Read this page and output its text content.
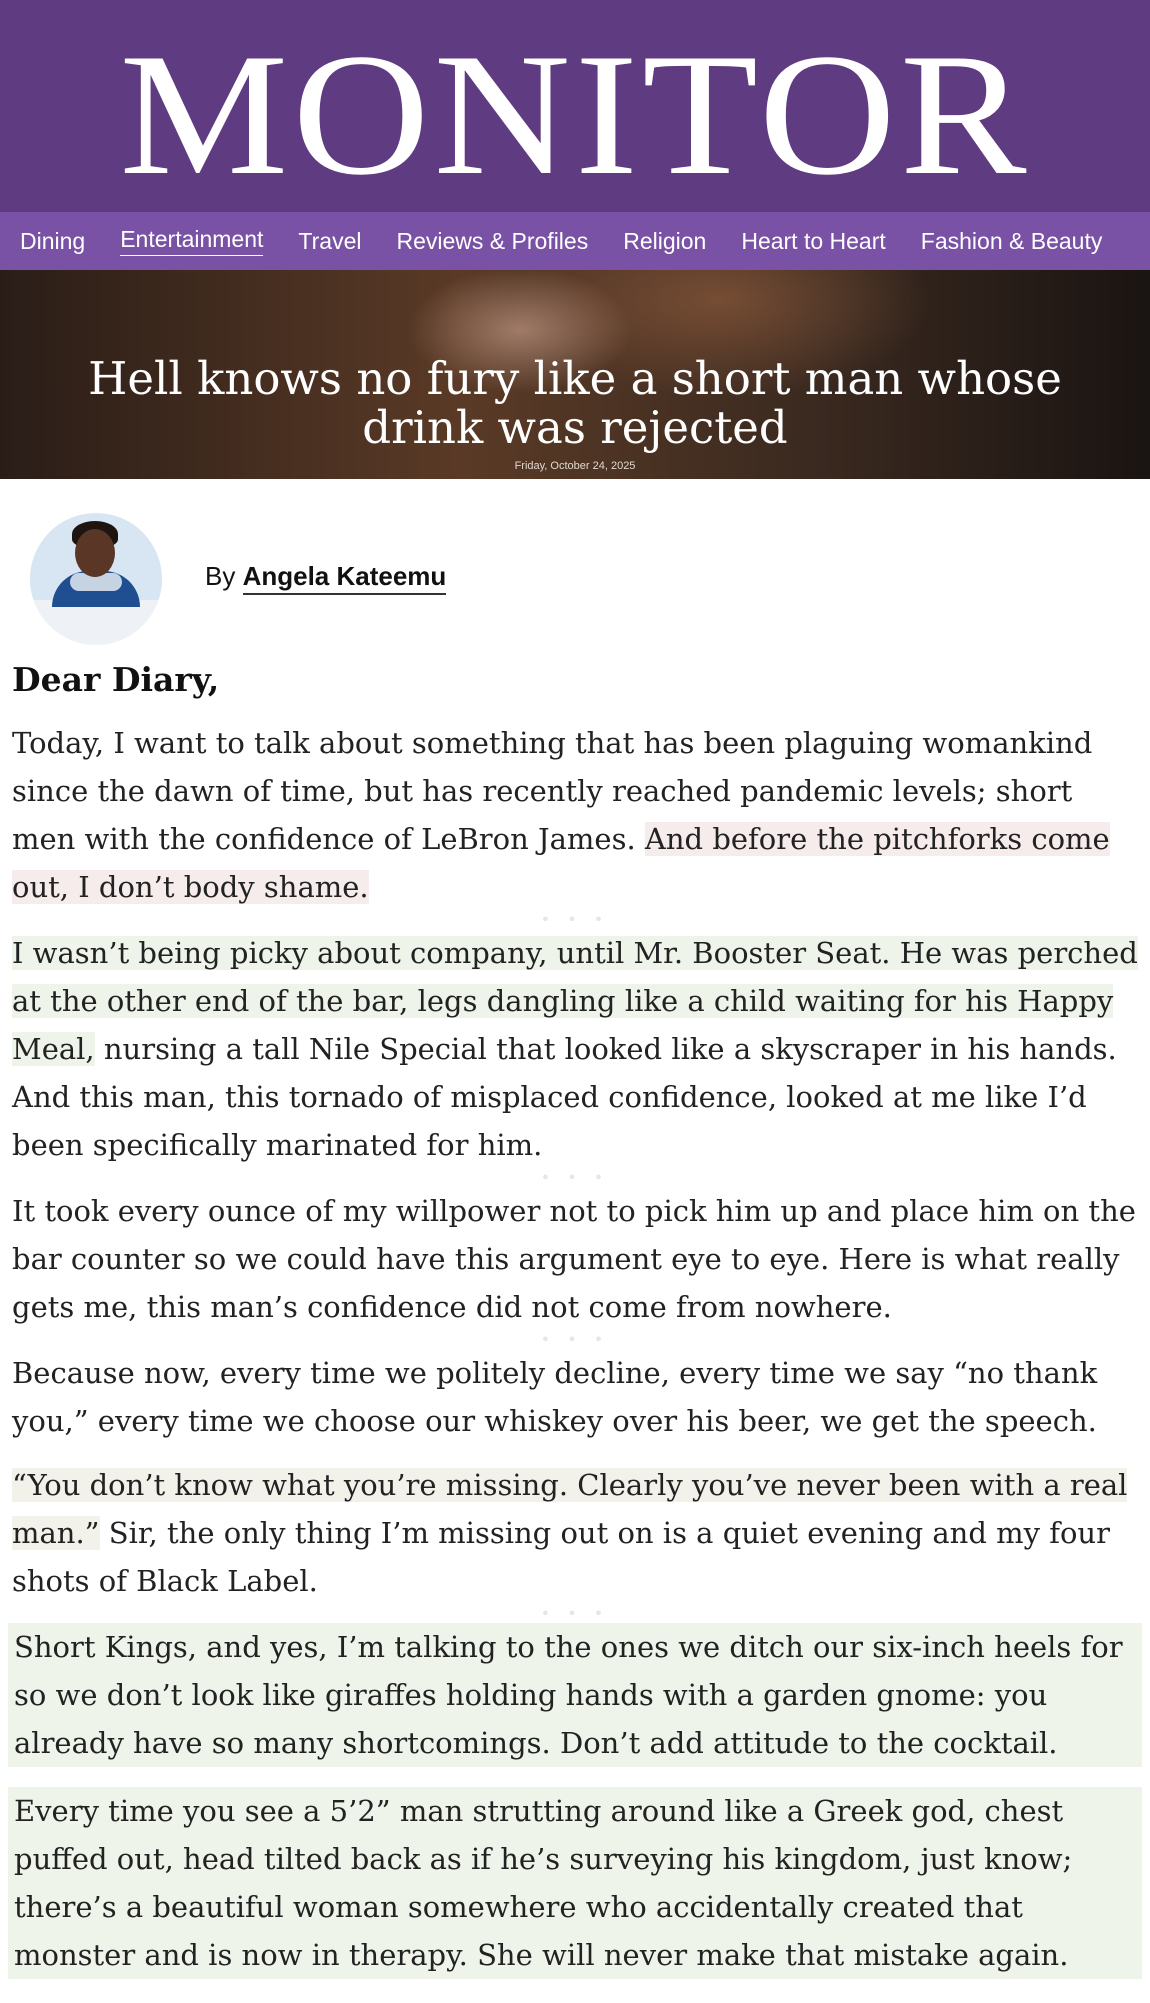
MONITOR
Dining Entertainment Travel Reviews & Profiles Religion Heart to Heart Fashion & Beauty
Hell knows no fury like a short man whose drink was rejected
Friday, October 24, 2025
By Angela Kateemu
Dear Diary,

Today, I want to talk about something that has been plaguing womankind since the dawn of time, but has recently reached pandemic levels; short men with the confidence of LeBron James. And before the pitchforks come out, I don’t body shame.

• • •

I wasn’t being picky about company, until Mr. Booster Seat. He was perched at the other end of the bar, legs dangling like a child waiting for his Happy Meal, nursing a tall Nile Special that looked like a skyscraper in his hands. And this man, this tornado of misplaced confidence, looked at me like I’d been specifically marinated for him.

• • •

It took every ounce of my willpower not to pick him up and place him on the bar counter so we could have this argument eye to eye. Here is what really gets me, this man’s confidence did not come from nowhere.

• • •

Because now, every time we politely decline, every time we say “no thank you,” every time we choose our whiskey over his beer, we get the speech.

“You don’t know what you’re missing. Clearly you’ve never been with a real man.” Sir, the only thing I’m missing out on is a quiet evening and my four shots of Black Label.

• • •

Short Kings, and yes, I’m talking to the ones we ditch our six-inch heels for so we don’t look like giraffes holding hands with a garden gnome: you already have so many shortcomings. Don’t add attitude to the cocktail.

Every time you see a 5’2” man strutting around like a Greek god, chest puffed out, head tilted back as if he’s surveying his kingdom, just know; there’s a beautiful woman somewhere who accidentally created that monster and is now in therapy. She will never make that mistake again.
